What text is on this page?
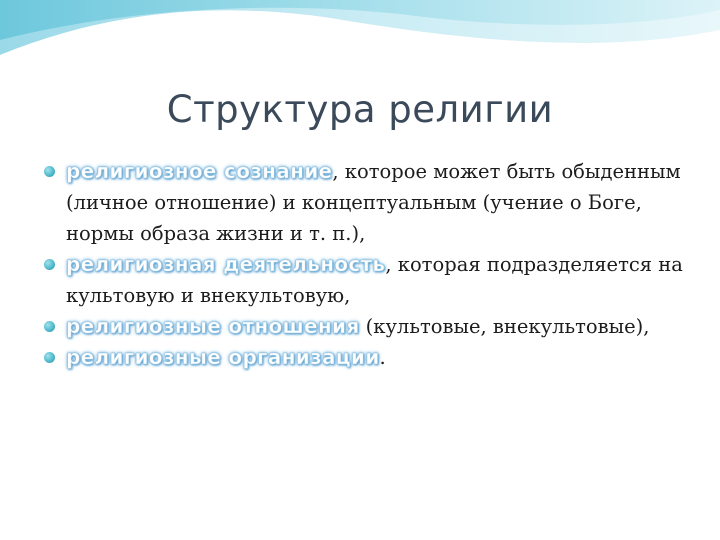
Структура религии
религиозное сознание, которое может быть обыденным (личное отношение) и концептуальным (учение о Боге, нормы образа жизни и т. п.),
религиозная деятельность, которая подразделяется на культовую и внекультовую,
религиозные отношения (культовые, внекультовые),
религиозные организации.
